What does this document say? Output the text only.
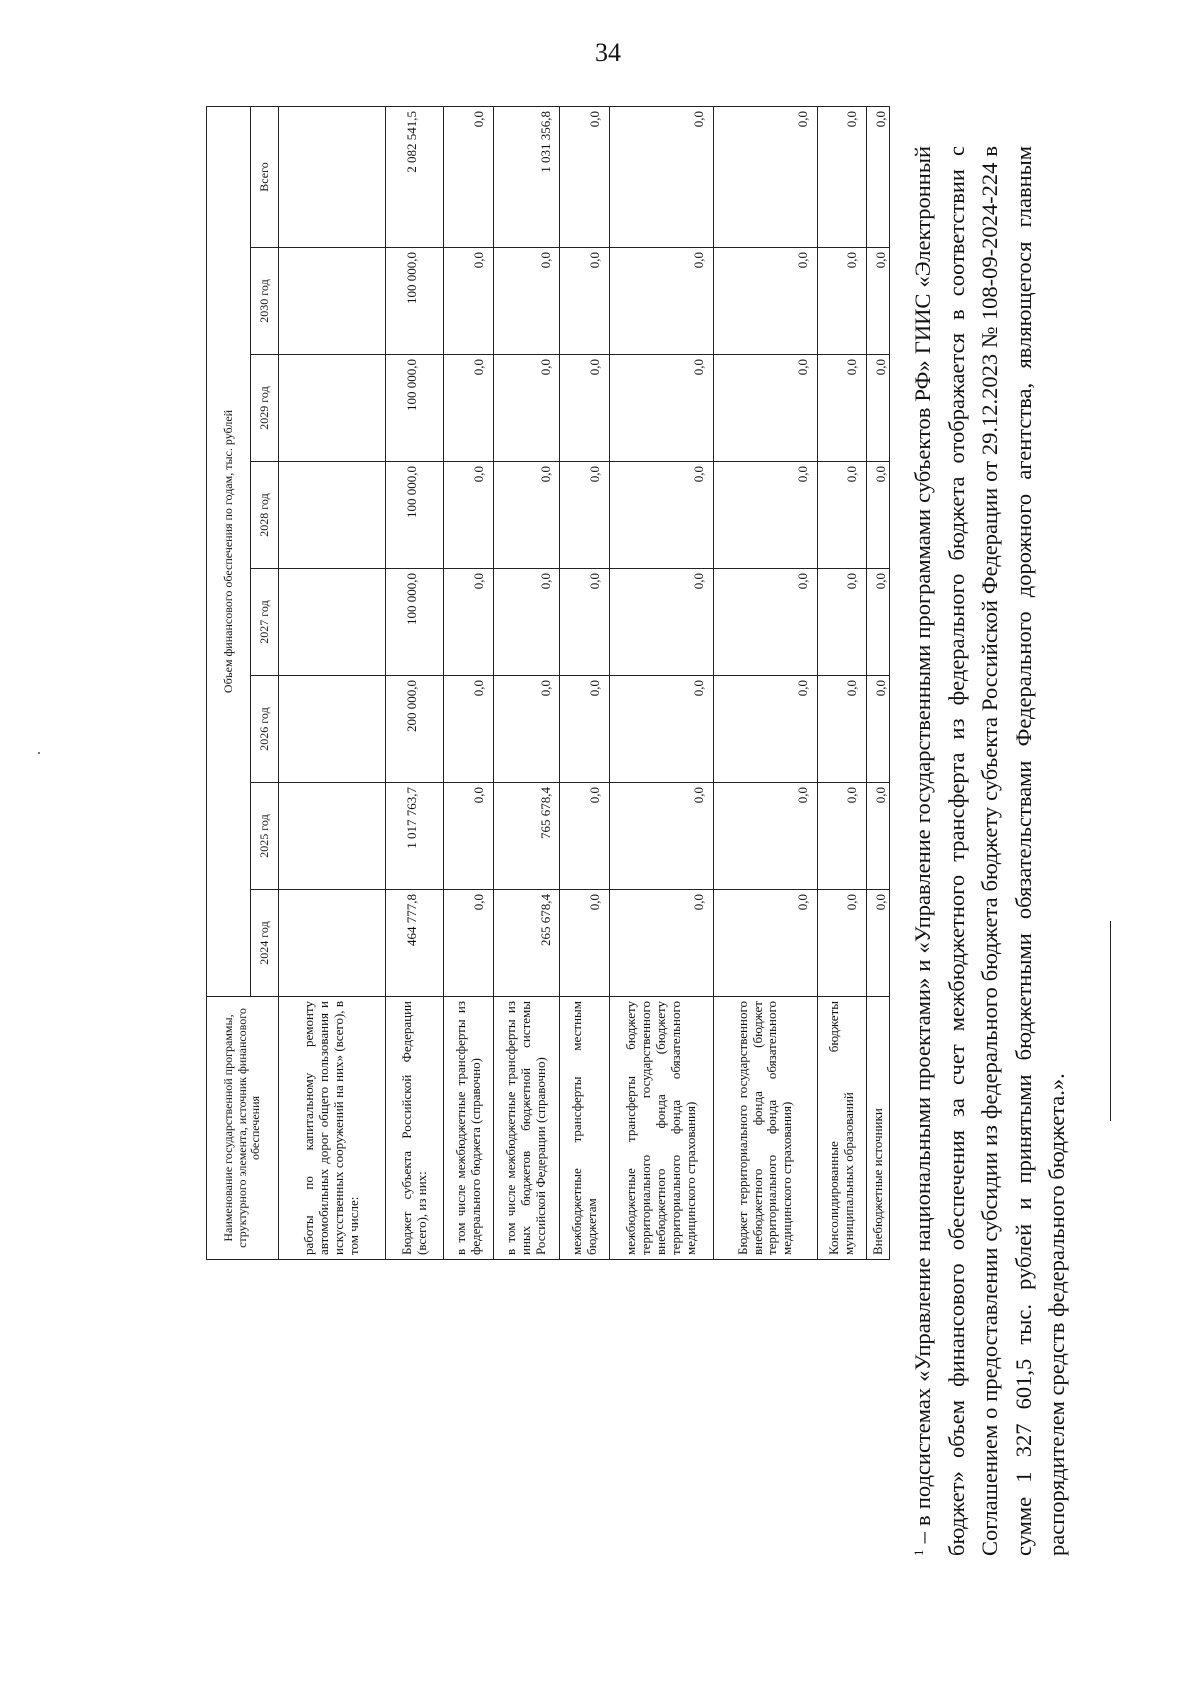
34
Наименование государственной программы, структурного элемента, источник финансового обеспечения	Объем финансового обеспечения по годам, тыс. рублей							
	2024 год	2025 год	2026 год	2027 год	2028 год	2029 год	2030 год	Всего
работы по капитальному ремонту автомобильных дорог общего пользования и искусственных сооружений на них» (всего), в том числе:								
Бюджет субъекта Российской Федерации (всего), из них:	464 777,8	1 017 763,7	200 000,0	100 000,0	100 000,0	100 000,0	100 000,0	2 082 541,5
в том числе межбюджетные трансферты из федерального бюджета (справочно)	0,0	0,0	0,0	0,0	0,0	0,0	0,0	0,0
в том числе межбюджетные трансферты из иных бюджетов бюджетной системы Российской Федерации (справочно)	265 678,4	765 678,4	0,0	0,0	0,0	0,0	0,0	1 031 356,8
межбюджетные трансферты местным бюджетам	0,0	0,0	0,0	0,0	0,0	0,0	0,0	0,0
межбюджетные трансферты бюджету территориального государственного внебюджетного фонда (бюджету территориального фонда обязательного медицинского страхования)	0,0	0,0	0,0	0,0	0,0	0,0	0,0	0,0
Бюджет территориального государственного внебюджетного фонда (бюджет территориального фонда обязательного медицинского страхования)	0,0	0,0	0,0	0,0	0,0	0,0	0,0	0,0
Консолидированные бюджеты муниципальных образований	0,0	0,0	0,0	0,0	0,0	0,0	0,0	0,0
Внебюджетные источники	0,0	0,0	0,0	0,0	0,0	0,0	0,0	0,0
$^1$ – в подсистемах «Управление национальными проектами» и «Управление государственными программами субъектов РФ» ГИИС «Электронный бюджет» объем финансового обеспечения за счет межбюджетного трансферта из федерального бюджета отображается в соответствии с Соглашением о предоставлении субсидии из федерального бюджета бюджету субъекта Российской Федерации от 29.12.2023 № 108-09-2024-224 в сумме 1 327 601,5 тыс. рублей и принятыми бюджетными обязательствами Федерального дорожного агентства, являющегося главным распорядителем средств федерального бюджета.».
